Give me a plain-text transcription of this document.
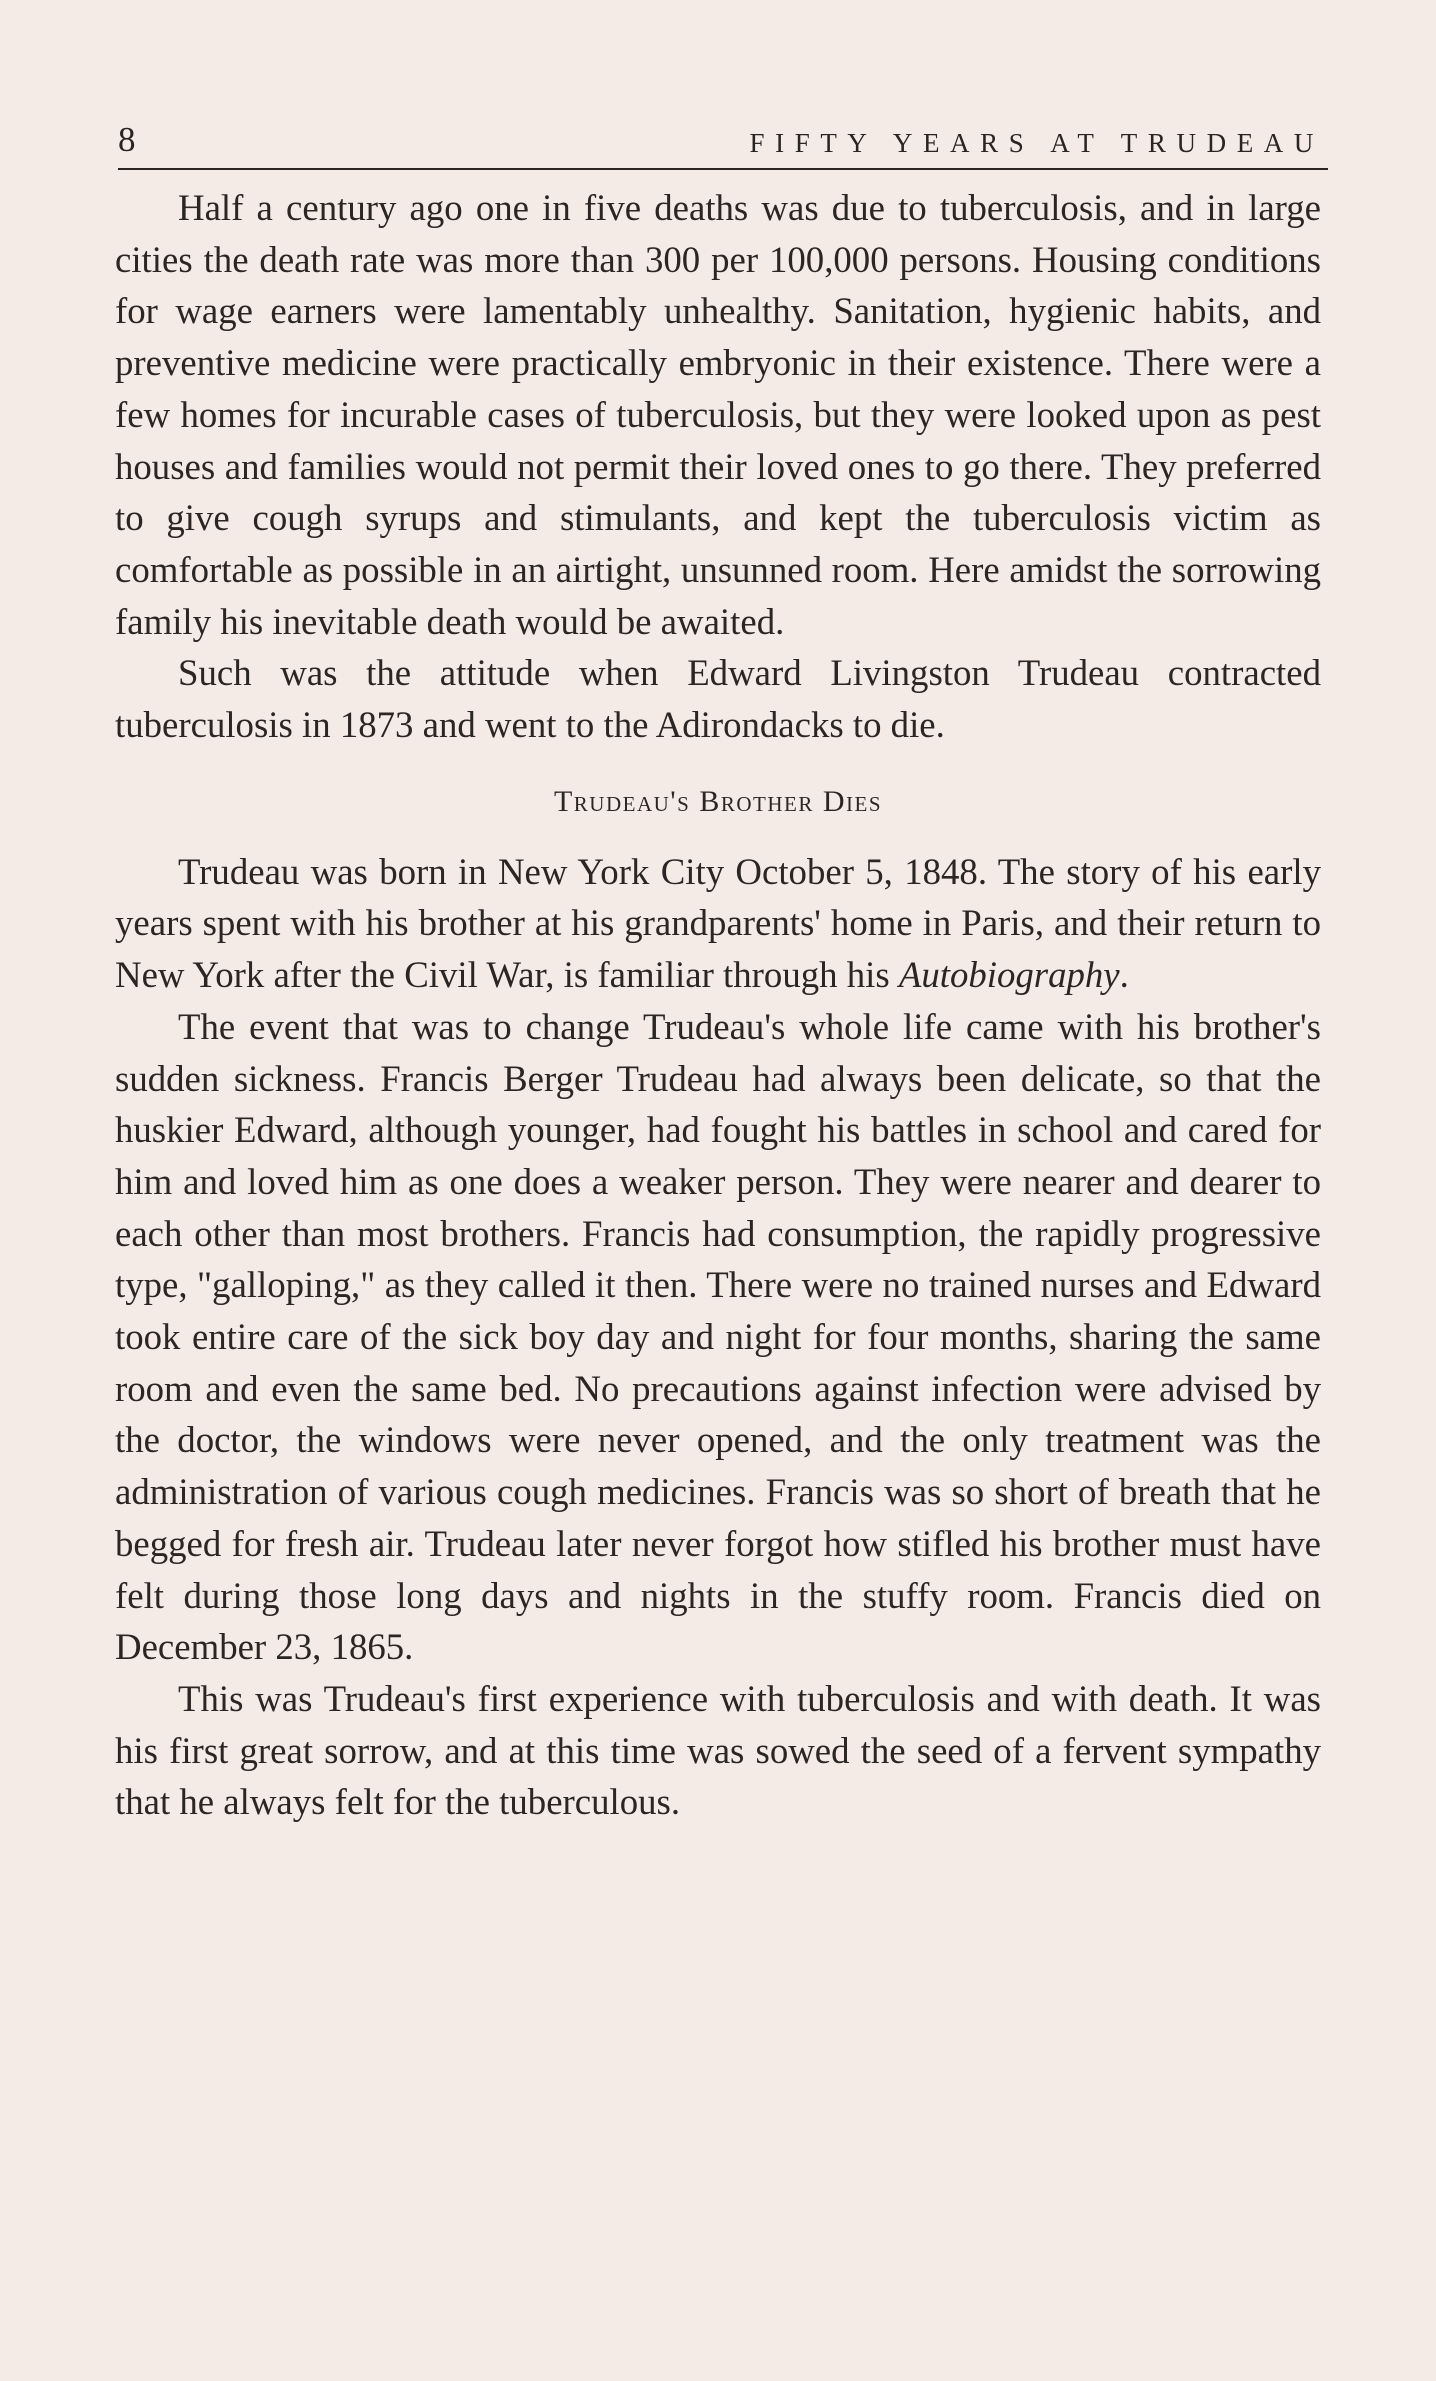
8	FIFTY YEARS AT TRUDEAU

Half a century ago one in five deaths was due to tuberculosis, and in large cities the death rate was more than 300 per 100,000 persons. Housing conditions for wage earners were lamentably unhealthy. Sanitation, hygienic habits, and preventive medicine were practically embryonic in their existence. There were a few homes for incurable cases of tuberculosis, but they were looked upon as pest houses and families would not permit their loved ones to go there. They preferred to give cough syrups and stimulants, and kept the tuberculosis victim as comfortable as possible in an airtight, unsunned room. Here amidst the sorrowing family his inevitable death would be awaited.

Such was the attitude when Edward Livingston Trudeau contracted tuberculosis in 1873 and went to the Adirondacks to die.

Trudeau's Brother Dies

Trudeau was born in New York City October 5, 1848. The story of his early years spent with his brother at his grandparents' home in Paris, and their return to New York after the Civil War, is familiar through his Autobiography.

The event that was to change Trudeau's whole life came with his brother's sudden sickness. Francis Berger Trudeau had always been delicate, so that the huskier Edward, although younger, had fought his battles in school and cared for him and loved him as one does a weaker person. They were nearer and dearer to each other than most brothers. Francis had consumption, the rapidly progressive type, "galloping," as they called it then. There were no trained nurses and Edward took entire care of the sick boy day and night for four months, sharing the same room and even the same bed. No precautions against infection were advised by the doctor, the windows were never opened, and the only treatment was the administration of various cough medicines. Francis was so short of breath that he begged for fresh air. Trudeau later never forgot how stifled his brother must have felt during those long days and nights in the stuffy room. Francis died on December 23, 1865.

This was Trudeau's first experience with tuberculosis and with death. It was his first great sorrow, and at this time was sowed the seed of a fervent sympathy that he always felt for the tuberculous.
